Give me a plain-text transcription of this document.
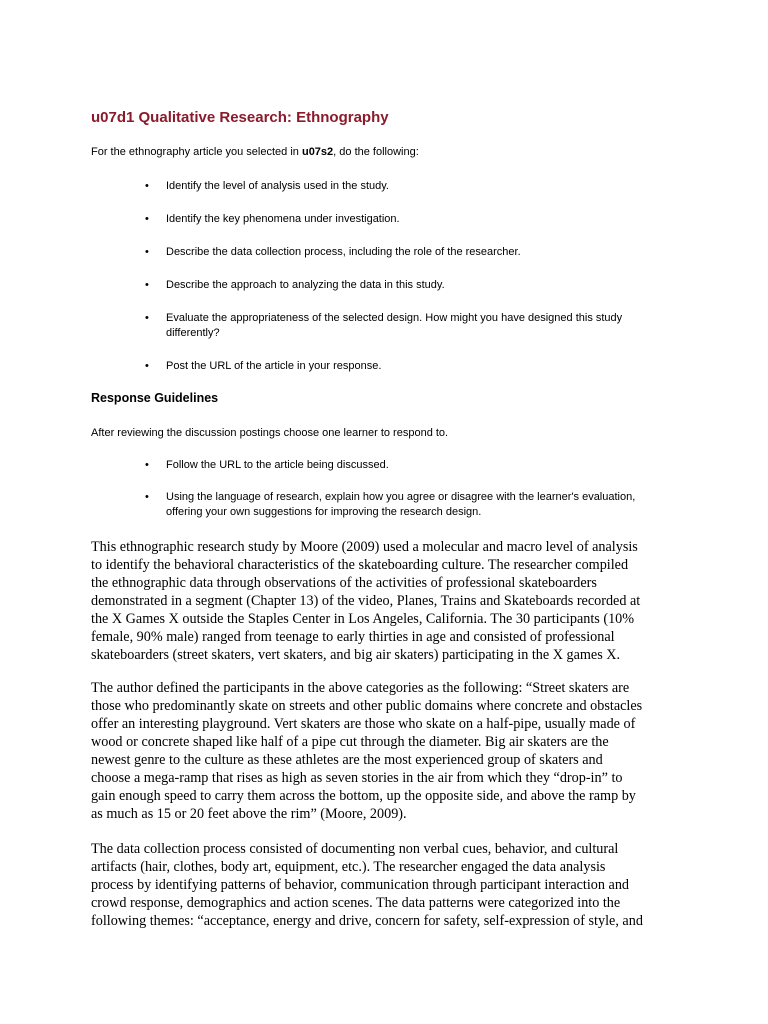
u07d1 Qualitative Research: Ethnography

For the ethnography article you selected in u07s2, do the following:

• Identify the level of analysis used in the study.
• Identify the key phenomena under investigation.
• Describe the data collection process, including the role of the researcher.
• Describe the approach to analyzing the data in this study.
• Evaluate the appropriateness of the selected design. How might you have designed this study differently?
• Post the URL of the article in your response.
Response Guidelines

After reviewing the discussion postings choose one learner to respond to.

• Follow the URL to the article being discussed.
• Using the language of research, explain how you agree or disagree with the learner's evaluation, offering your own suggestions for improving the research design.

This ethnographic research study by Moore (2009) used a molecular and macro level of analysis
to identify the behavioral characteristics of the skateboarding culture. The researcher compiled
the ethnographic data through observations of the activities of professional skateboarders
demonstrated in a segment (Chapter 13) of the video, Planes, Trains and Skateboards recorded at
the X Games X outside the Staples Center in Los Angeles, California. The 30 participants (10%
female, 90% male) ranged from teenage to early thirties in age and consisted of professional
skateboarders (street skaters, vert skaters, and big air skaters) participating in the X games X.

The author defined the participants in the above categories as the following: “Street skaters are
those who predominantly skate on streets and other public domains where concrete and obstacles
offer an interesting playground. Vert skaters are those who skate on a half-pipe, usually made of
wood or concrete shaped like half of a pipe cut through the diameter. Big air skaters are the
newest genre to the culture as these athletes are the most experienced group of skaters and
choose a mega-ramp that rises as high as seven stories in the air from which they “drop-in” to
gain enough speed to carry them across the bottom, up the opposite side, and above the ramp by
as much as 15 or 20 feet above the rim” (Moore, 2009).

The data collection process consisted of documenting non verbal cues, behavior, and cultural
artifacts (hair, clothes, body art, equipment, etc.). The researcher engaged the data analysis
process by identifying patterns of behavior, communication through participant interaction and
crowd response, demographics and action scenes. The data patterns were categorized into the
following themes: “acceptance, energy and drive, concern for safety, self-expression of style, and
